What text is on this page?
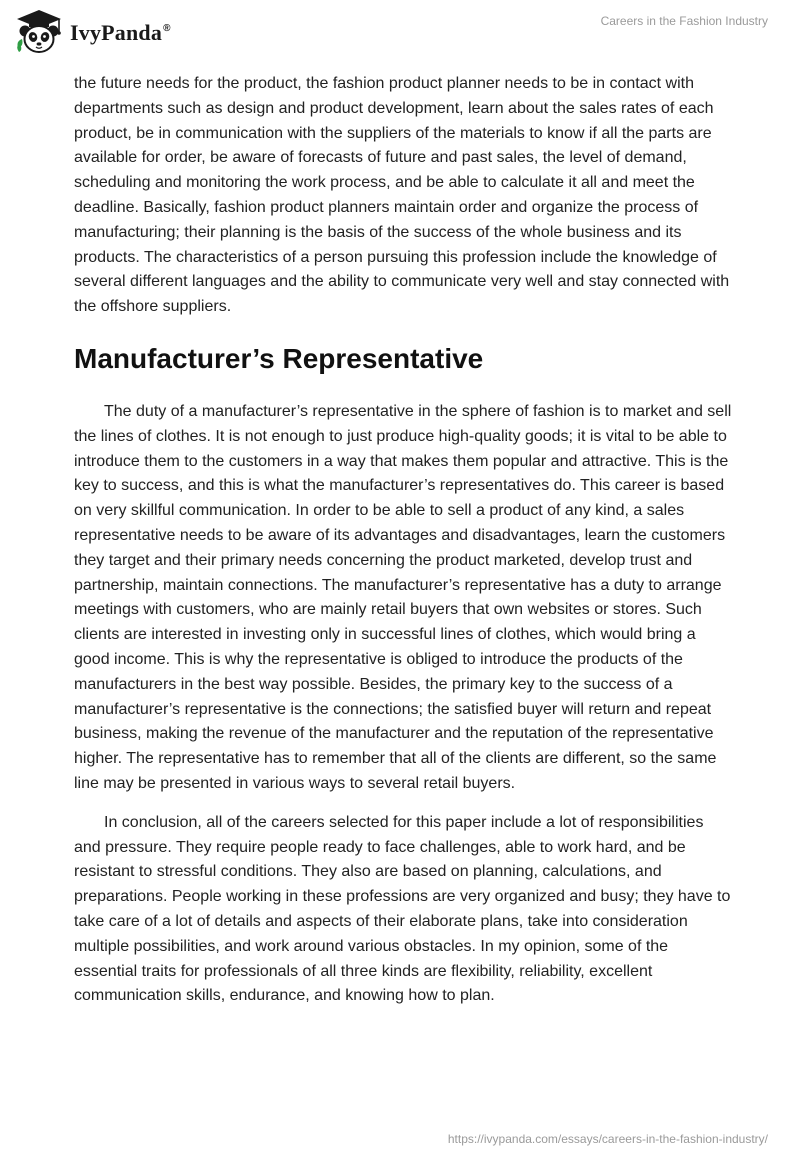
IvyPanda®
Careers in the Fashion Industry

the future needs for the product, the fashion product planner needs to be in contact with departments such as design and product development, learn about the sales rates of each product, be in communication with the suppliers of the materials to know if all the parts are available for order, be aware of forecasts of future and past sales, the level of demand, scheduling and monitoring the work process, and be able to calculate it all and meet the deadline. Basically, fashion product planners maintain order and organize the process of manufacturing; their planning is the basis of the success of the whole business and its products. The characteristics of a person pursuing this profession include the knowledge of several different languages and the ability to communicate very well and stay connected with the offshore suppliers.

Manufacturer’s Representative

The duty of a manufacturer’s representative in the sphere of fashion is to market and sell the lines of clothes. It is not enough to just produce high-quality goods; it is vital to be able to introduce them to the customers in a way that makes them popular and attractive. This is the key to success, and this is what the manufacturer’s representatives do. This career is based on very skillful communication. In order to be able to sell a product of any kind, a sales representative needs to be aware of its advantages and disadvantages, learn the customers they target and their primary needs concerning the product marketed, develop trust and partnership, maintain connections. The manufacturer’s representative has a duty to arrange meetings with customers, who are mainly retail buyers that own websites or stores. Such clients are interested in investing only in successful lines of clothes, which would bring a good income. This is why the representative is obliged to introduce the products of the manufacturers in the best way possible. Besides, the primary key to the success of a manufacturer’s representative is the connections; the satisfied buyer will return and repeat business, making the revenue of the manufacturer and the reputation of the representative higher. The representative has to remember that all of the clients are different, so the same line may be presented in various ways to several retail buyers.

In conclusion, all of the careers selected for this paper include a lot of responsibilities and pressure. They require people ready to face challenges, able to work hard, and be resistant to stressful conditions. They also are based on planning, calculations, and preparations. People working in these professions are very organized and busy; they have to take care of a lot of details and aspects of their elaborate plans, take into consideration multiple possibilities, and work around various obstacles. In my opinion, some of the essential traits for professionals of all three kinds are flexibility, reliability, excellent communication skills, endurance, and knowing how to plan.

https://ivypanda.com/essays/careers-in-the-fashion-industry/
